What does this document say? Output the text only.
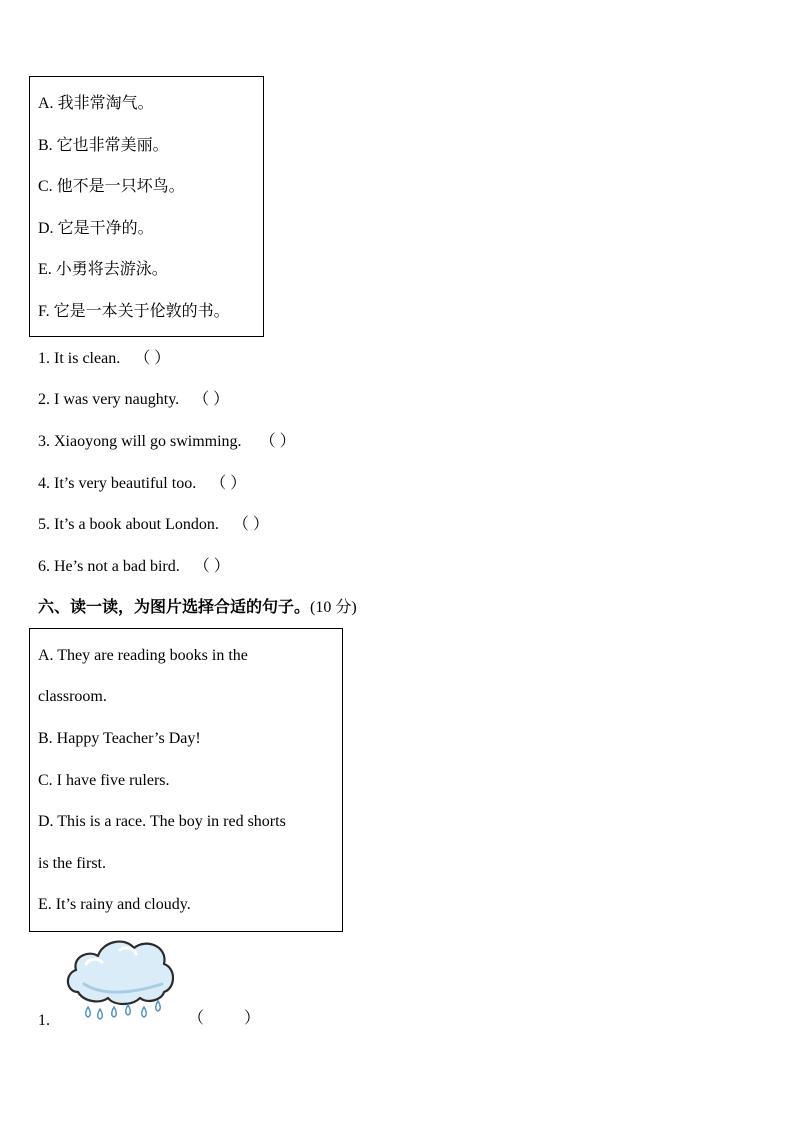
A. 我非常淘气。
B. 它也非常美丽。
C. 他不是一只坏鸟。
D. 它是干净的。
E. 小勇将去游泳。
F. 它是一本关于伦敦的书。
1. It is clean. （ ）
2. I was very naughty. （ ）
3. Xiaoyong will go swimming. （ ）
4. It’s very beautiful too. （ ）
5. It’s a book about London. （ ）
6. He’s not a bad bird. （ ）
六、读一读，为图片选择合适的句子。(10 分)
A. They are reading books in the
classroom.
B. Happy Teacher’s Day!
C. I have five rulers.
D. This is a race. The boy in red shorts
is the first.
E. It’s rainy and cloudy.
1.	（          ）
